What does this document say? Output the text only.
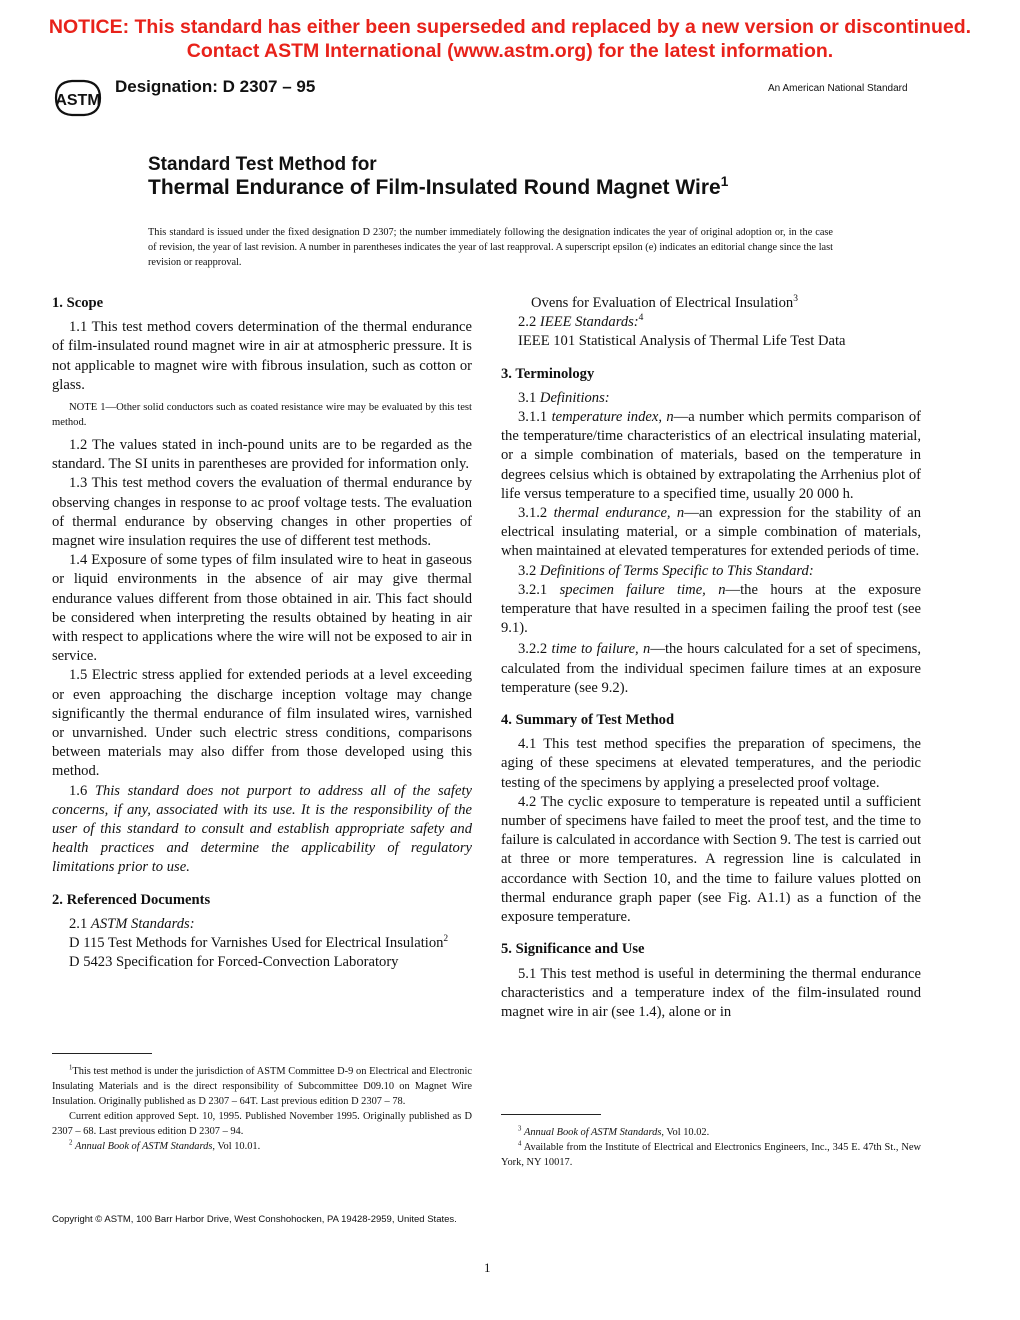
NOTICE: This standard has either been superseded and replaced by a new version or discontinued.
Contact ASTM International (www.astm.org) for the latest information.
ASTM
Designation: D 2307 – 95	An American National Standard
Standard Test Method for
Thermal Endurance of Film-Insulated Round Magnet Wire$^1$
This standard is issued under the fixed designation D 2307; the number immediately following the designation indicates the year of original adoption or, in the case of revision, the year of last revision. A number in parentheses indicates the year of last reapproval. A superscript epsilon (e) indicates an editorial change since the last revision or reapproval.
1. Scope

1.1 This test method covers determination of the thermal endurance of film-insulated round magnet wire in air at atmospheric pressure. It is not applicable to magnet wire with fibrous insulation, such as cotton or glass.

NOTE 1—Other solid conductors such as coated resistance wire may be evaluated by this test method.

1.2 The values stated in inch-pound units are to be regarded as the standard. The SI units in parentheses are provided for information only.

1.3 This test method covers the evaluation of thermal endurance by observing changes in response to ac proof voltage tests. The evaluation of thermal endurance by observing changes in other properties of magnet wire insulation requires the use of different test methods.

1.4 Exposure of some types of film insulated wire to heat in gaseous or liquid environments in the absence of air may give thermal endurance values different from those obtained in air. This fact should be considered when interpreting the results obtained by heating in air with respect to applications where the wire will not be exposed to air in service.

1.5 Electric stress applied for extended periods at a level exceeding or even approaching the discharge inception voltage may change significantly the thermal endurance of film insulated wires, varnished or unvarnished. Under such electric stress conditions, comparisons between materials may also differ from those developed using this method.

1.6 This standard does not purport to address all of the safety concerns, if any, associated with its use. It is the responsibility of the user of this standard to consult and establish appropriate safety and health practices and determine the applicability of regulatory limitations prior to use.

2. Referenced Documents

2.1 ASTM Standards:

D 115 Test Methods for Varnishes Used for Electrical Insulation$^2$

D 5423 Specification for Forced-Convection Laboratory

$^1$This test method is under the jurisdiction of ASTM Committee D-9 on Electrical and Electronic Insulating Materials and is the direct responsibility of Subcommittee D09.10 on Magnet Wire Insulation. Originally published as D 2307 – 64T. Last previous edition D 2307 – 78.

Current edition approved Sept. 10, 1995. Published November 1995. Originally published as D 2307 – 68. Last previous edition D 2307 – 94.

$^2$ Annual Book of ASTM Standards, Vol 10.01.

Ovens for Evaluation of Electrical Insulation$^3$

2.2 IEEE Standards:$^4$

IEEE 101 Statistical Analysis of Thermal Life Test Data

3. Terminology

3.1 Definitions:

3.1.1 temperature index, n—a number which permits comparison of the temperature/time characteristics of an electrical insulating material, or a simple combination of materials, based on the temperature in degrees celsius which is obtained by extrapolating the Arrhenius plot of life versus temperature to a specified time, usually 20 000 h.

3.1.2 thermal endurance, n—an expression for the stability of an electrical insulating material, or a simple combination of materials, when maintained at elevated temperatures for extended periods of time.

3.2 Definitions of Terms Specific to This Standard:

3.2.1 specimen failure time, n—the hours at the exposure temperature that have resulted in a specimen failing the proof test (see 9.1).

3.2.2 time to failure, n—the hours calculated for a set of specimens, calculated from the individual specimen failure times at an exposure temperature (see 9.2).

4. Summary of Test Method

4.1 This test method specifies the preparation of specimens, the aging of these specimens at elevated temperatures, and the periodic testing of the specimens by applying a preselected proof voltage.

4.2 The cyclic exposure to temperature is repeated until a sufficient number of specimens have failed to meet the proof test, and the time to failure is calculated in accordance with Section 9. The test is carried out at three or more temperatures. A regression line is calculated in accordance with Section 10, and the time to failure values plotted on thermal endurance graph paper (see Fig. A1.1) as a function of the exposure temperature.

5. Significance and Use

5.1 This test method is useful in determining the thermal endurance characteristics and a temperature index of the film-insulated round magnet wire in air (see 1.4), alone or in

$^3$ Annual Book of ASTM Standards, Vol 10.02.

$^4$ Available from the Institute of Electrical and Electronics Engineers, Inc., 345 E. 47th St., New York, NY 10017.

Copyright © ASTM, 100 Barr Harbor Drive, West Conshohocken, PA 19428-2959, United States.
1
